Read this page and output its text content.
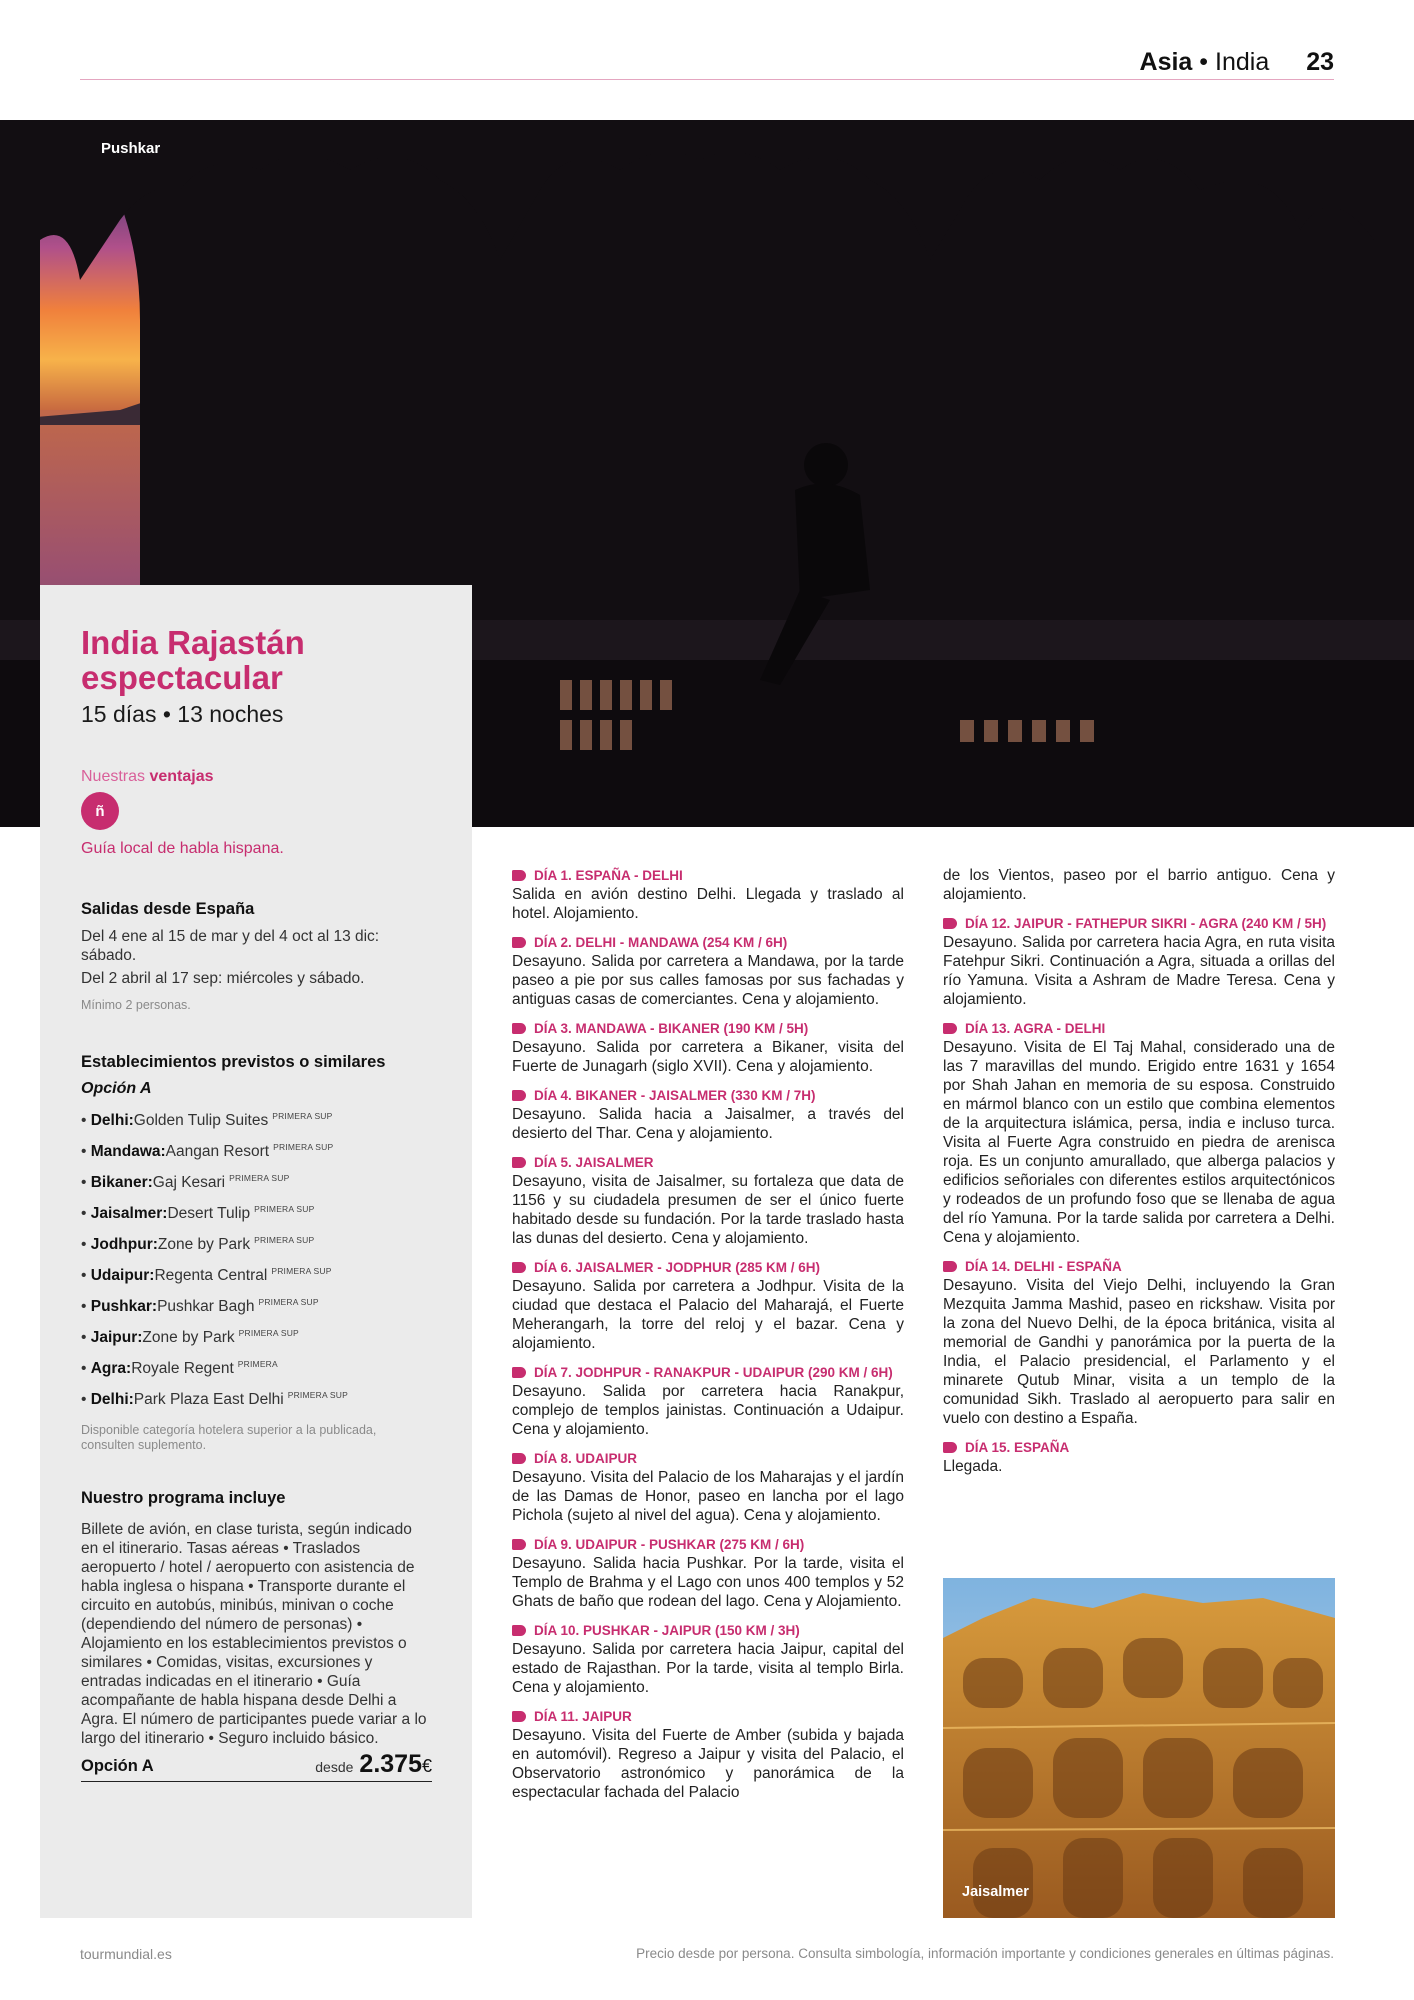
Asia • India 23
Pushkar
India Rajastán espectacular
15 días • 13 noches
Nuestras ventajas
ñ
Guía local de habla hispana.
Salidas desde España
Del 4 ene al 15 de mar y del 4 oct al 13 dic: sábado.
Del 2 abril al 17 sep: miércoles y sábado.
Mínimo 2 personas.
Establecimientos previstos o similares
Opción A
• Delhi:Golden Tulip Suites $^{PRIMERA SUP}$
• Mandawa:Aangan Resort $^{PRIMERA SUP}$
• Bikaner:Gaj Kesari $^{PRIMERA SUP}$
• Jaisalmer:Desert Tulip $^{PRIMERA SUP}$
• Jodhpur:Zone by Park $^{PRIMERA SUP}$
• Udaipur:Regenta Central $^{PRIMERA SUP}$
• Pushkar:Pushkar Bagh $^{PRIMERA SUP}$
• Jaipur:Zone by Park $^{PRIMERA SUP}$
• Agra:Royale Regent $^{PRIMERA}$
• Delhi:Park Plaza East Delhi $^{PRIMERA SUP}$
Disponible categoría hotelera superior a la publicada, consulten suplemento.
Nuestro programa incluye
Billete de avión, en clase turista, según indicado en el itinerario. Tasas aéreas • Traslados aeropuerto / hotel / aeropuerto con asistencia de habla inglesa o hispana • Transporte durante el circuito en autobús, minibús, minivan o coche (dependiendo del número de personas) • Alojamiento en los establecimientos previstos o similares • Comidas, visitas, excursiones y entradas indicadas en el itinerario • Guía acompañante de habla hispana desde Delhi a Agra. El número de participantes puede variar a lo largo del itinerario • Seguro incluido básico.
Opción A	desde 2.375€
DÍA 1. ESPAÑA - DELHI
Salida en avión destino Delhi. Llegada y traslado al hotel. Alojamiento.
DÍA 2. DELHI - MANDAWA (254 KM / 6H)
Desayuno. Salida por carretera a Mandawa, por la tarde paseo a pie por sus calles famosas por sus fachadas y antiguas casas de comerciantes. Cena y alojamiento.
DÍA 3. MANDAWA - BIKANER (190 KM / 5H)
Desayuno. Salida por carretera a Bikaner, visita del Fuerte de Junagarh (siglo XVII). Cena y alojamiento.
DÍA 4. BIKANER - JAISALMER (330 KM / 7H)
Desayuno. Salida hacia a Jaisalmer, a través del desierto del Thar. Cena y alojamiento.
DÍA 5. JAISALMER
Desayuno, visita de Jaisalmer, su fortaleza que data de 1156 y su ciudadela presumen de ser el único fuerte habitado desde su fundación. Por la tarde traslado hasta las dunas del desierto. Cena y alojamiento.
DÍA 6. JAISALMER - JODPHUR (285 KM / 6H)
Desayuno. Salida por carretera a Jodhpur. Visita de la ciudad que destaca el Palacio del Maharajá, el Fuerte Meherangarh, la torre del reloj y el bazar. Cena y alojamiento.
DÍA 7. JODHPUR - RANAKPUR - UDAIPUR (290 KM / 6H)
Desayuno. Salida por carretera hacia Ranakpur, complejo de templos jainistas. Continuación a Udaipur. Cena y alojamiento.
DÍA 8. UDAIPUR
Desayuno. Visita del Palacio de los Maharajas y el jardín de las Damas de Honor, paseo en lancha por el lago Pichola (sujeto al nivel del agua). Cena y alojamiento.
DÍA 9. UDAIPUR - PUSHKAR (275 KM / 6H)
Desayuno. Salida hacia Pushkar. Por la tarde, visita el Templo de Brahma y el Lago con unos 400 templos y 52 Ghats de baño que rodean del lago. Cena y Alojamiento.
DÍA 10. PUSHKAR - JAIPUR (150 KM / 3H)
Desayuno. Salida por carretera hacia Jaipur, capital del estado de Rajasthan. Por la tarde, visita al templo Birla. Cena y alojamiento.
DÍA 11. JAIPUR
Desayuno. Visita del Fuerte de Amber (subida y bajada en automóvil). Regreso a Jaipur y visita del Palacio, el Observatorio astronómico y panorámica de la espectacular fachada del Palacio
de los Vientos, paseo por el barrio antiguo. Cena y alojamiento.
DÍA 12. JAIPUR - FATHEPUR SIKRI - AGRA (240 KM / 5H)
Desayuno. Salida por carretera hacia Agra, en ruta visita Fatehpur Sikri. Continuación a Agra, situada a orillas del río Yamuna. Visita a Ashram de Madre Teresa. Cena y alojamiento.
DÍA 13. AGRA - DELHI
Desayuno. Visita de El Taj Mahal, considerado una de las 7 maravillas del mundo. Erigido entre 1631 y 1654 por Shah Jahan en memoria de su esposa. Construido en mármol blanco con un estilo que combina elementos de la arquitectura islámica, persa, india e incluso turca. Visita al Fuerte Agra construido en piedra de arenisca roja. Es un conjunto amurallado, que alberga palacios y edificios señoriales con diferentes estilos arquitectónicos y rodeados de un profundo foso que se llenaba de agua del río Yamuna. Por la tarde salida por carretera a Delhi. Cena y alojamiento.
DÍA 14. DELHI - ESPAÑA
Desayuno. Visita del Viejo Delhi, incluyendo la Gran Mezquita Jamma Mashid, paseo en rickshaw. Visita por la zona del Nuevo Delhi, de la época británica, visita al memorial de Gandhi y panorámica por la puerta de la India, el Palacio presidencial, el Parlamento y el minarete Qutub Minar, visita a un templo de la comunidad Sikh. Traslado al aeropuerto para salir en vuelo con destino a España.
DÍA 15. ESPAÑA
Llegada.
Jaisalmer
tourmundial.es	Precio desde por persona. Consulta simbología, información importante y condiciones generales en últimas páginas.
